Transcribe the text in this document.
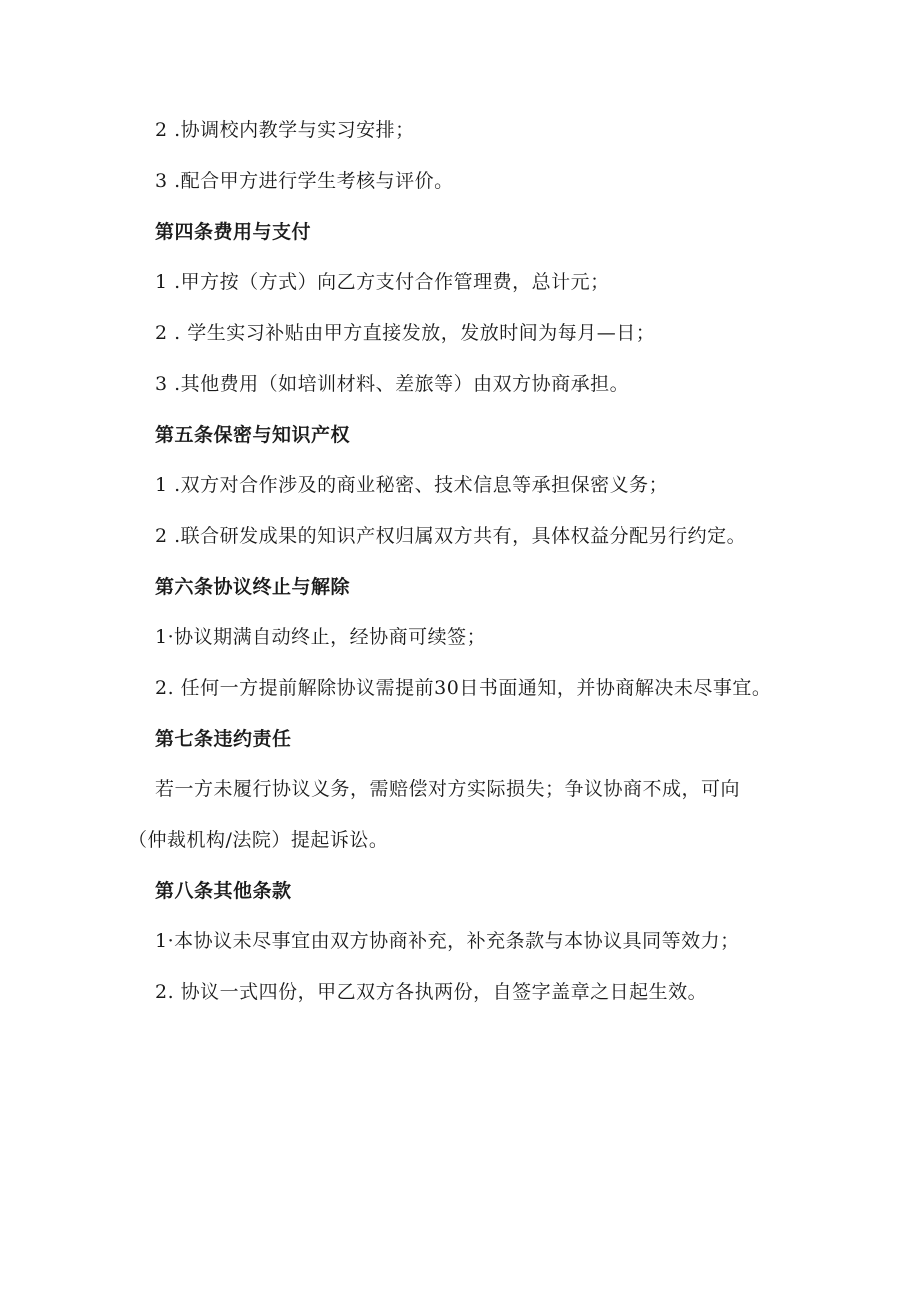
2 .协调校内教学与实习安排；
3 .配合甲方进行学生考核与评价。
第四条费用与支付
1 .甲方按（方式）向乙方支付合作管理费，总计元；
2 . 学生实习补贴由甲方直接发放，发放时间为每月—日；
3 .其他费用（如培训材料、差旅等）由双方协商承担。
第五条保密与知识产权
1 .双方对合作涉及的商业秘密、技术信息等承担保密义务；
2 .联合研发成果的知识产权归属双方共有，具体权益分配另行约定。
第六条协议终止与解除
1·协议期满自动终止，经协商可续签；
2. 任何一方提前解除协议需提前30日书面通知，并协商解决未尽事宜。
第七条违约责任
若一方未履行协议义务，需赔偿对方实际损失；争议协商不成，可向
（仲裁机构/法院）提起诉讼。
第八条其他条款
1·本协议未尽事宜由双方协商补充，补充条款与本协议具同等效力；
2. 协议一式四份，甲乙双方各执两份，自签字盖章之日起生效。
